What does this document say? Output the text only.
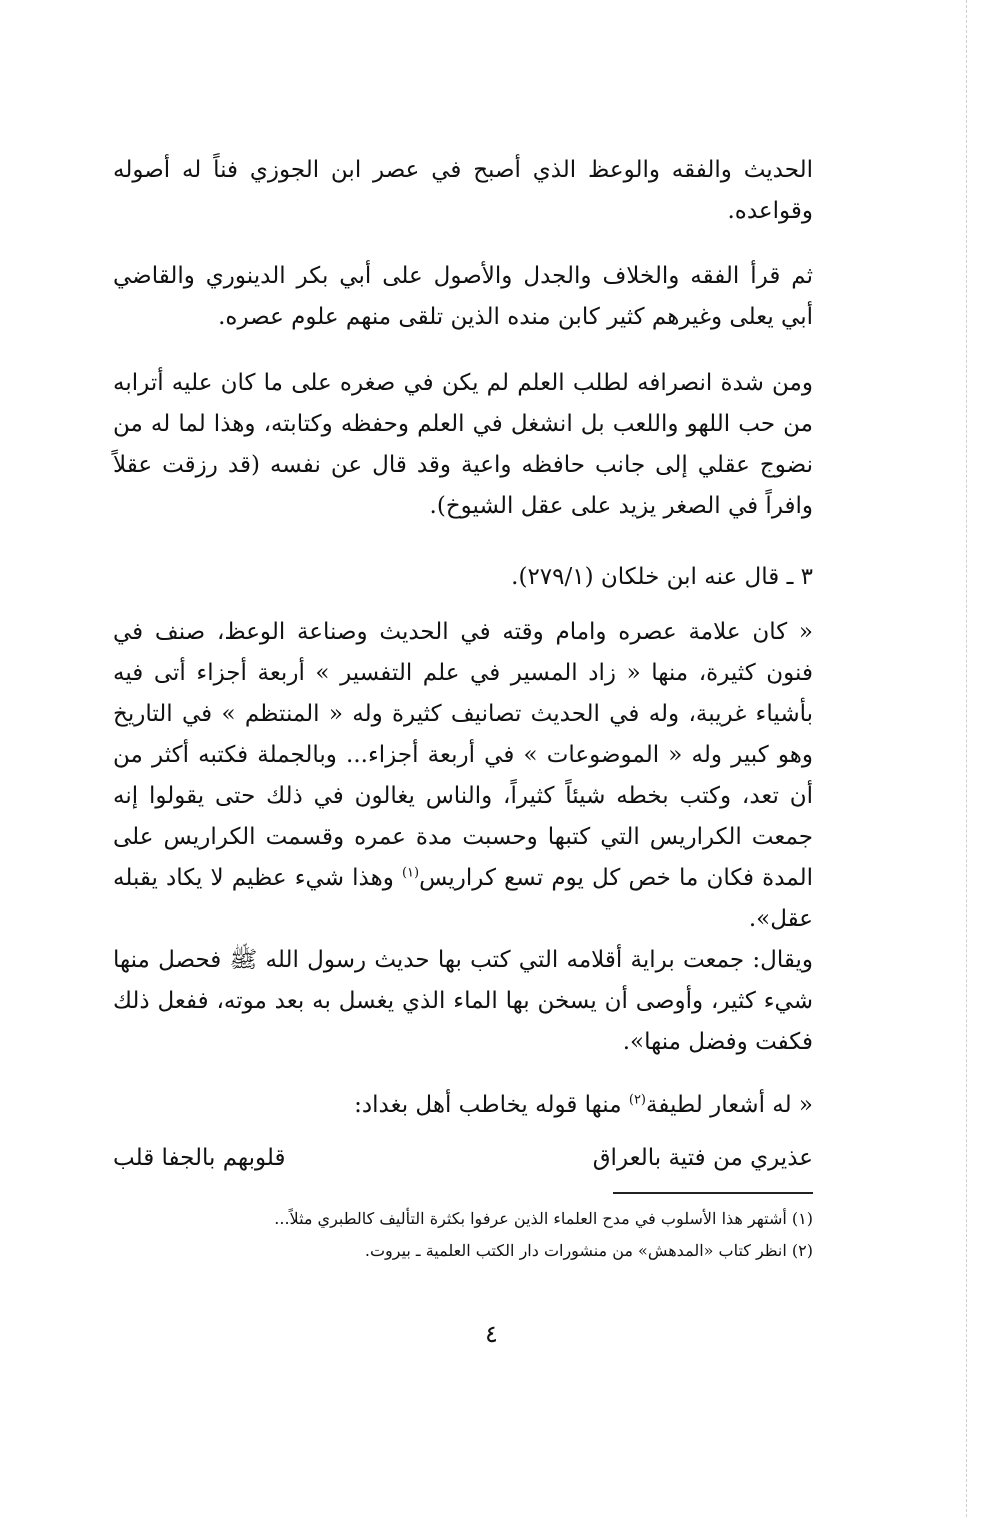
الحديث والفقه والوعظ الذي أصبح في عصر ابن الجوزي فناً له أصوله وقواعده.

ثم قرأ الفقه والخلاف والجدل والأصول على أبي بكر الدينوري والقاضي أبي يعلى وغيرهم كثير كابن منده الذين تلقى منهم علوم عصره.

ومن شدة انصرافه لطلب العلم لم يكن في صغره على ما كان عليه أترابه من حب اللهو واللعب بل انشغل في العلم وحفظه وكتابته، وهذا لما له من نضوج عقلي إلى جانب حافظه واعية وقد قال عن نفسه (قد رزقت عقلاً وافراً في الصغر يزيد على عقل الشيوخ).

٣ ـ قال عنه ابن خلكان (٢٧٩/١).

« كان علامة عصره وامام وقته في الحديث وصناعة الوعظ، صنف في فنون كثيرة، منها « زاد المسير في علم التفسير » أربعة أجزاء أتى فيه بأشياء غريبة، وله في الحديث تصانيف كثيرة وله « المنتظم » في التاريخ وهو كبير وله « الموضوعات » في أربعة أجزاء... وبالجملة فكتبه أكثر من أن تعد، وكتب بخطه شيئاً كثيراً، والناس يغالون في ذلك حتى يقولوا إنه جمعت الكراريس التي كتبها وحسبت مدة عمره وقسمت الكراريس على المدة فكان ما خص كل يوم تسع كراريس$^{(١)}$ وهذا شيء عظيم لا يكاد يقبله عقل».

ويقال: جمعت براية أقلامه التي كتب بها حديث رسول الله ﷺ فحصل منها شيء كثير، وأوصى أن يسخن بها الماء الذي يغسل به بعد موته، ففعل ذلك فكفت وفضل منها».

« له أشعار لطيفة$^{(٢)}$ منها قوله يخاطب أهل بغداد:

عذيري من فتية بالعراق
قلوبهم بالجفا قلب
(١) أشتهر هذا الأسلوب في مدح العلماء الذين عرفوا بكثرة التأليف كالطبري مثلاً...
(٢) انظر كتاب «المدهش» من منشورات دار الكتب العلمية ـ بيروت.
٤
